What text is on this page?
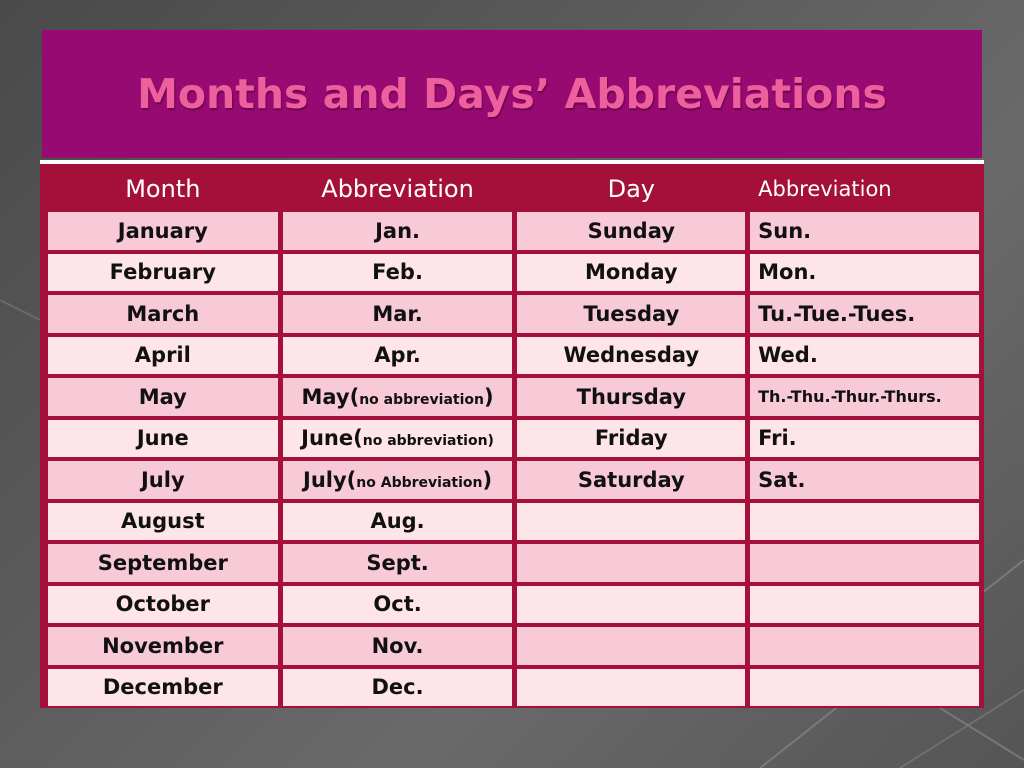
Months and Days’ Abbreviations
Month	Abbreviation	Day	Abbreviation
January	Jan.	Sunday	Sun.
February	Feb.	Monday	Mon.
March	Mar.	Tuesday	Tu.-Tue.-Tues.
April	Apr.	Wednesday	Wed.
May	May(no abbreviation)	Thursday	Th.-Thu.-Thur.-Thurs.
June	June(no abbreviation)	Friday	Fri.
July	July(no Abbreviation)	Saturday	Sat.
August	Aug.		
September	Sept.		
October	Oct.		
November	Nov.		
December	Dec.		
